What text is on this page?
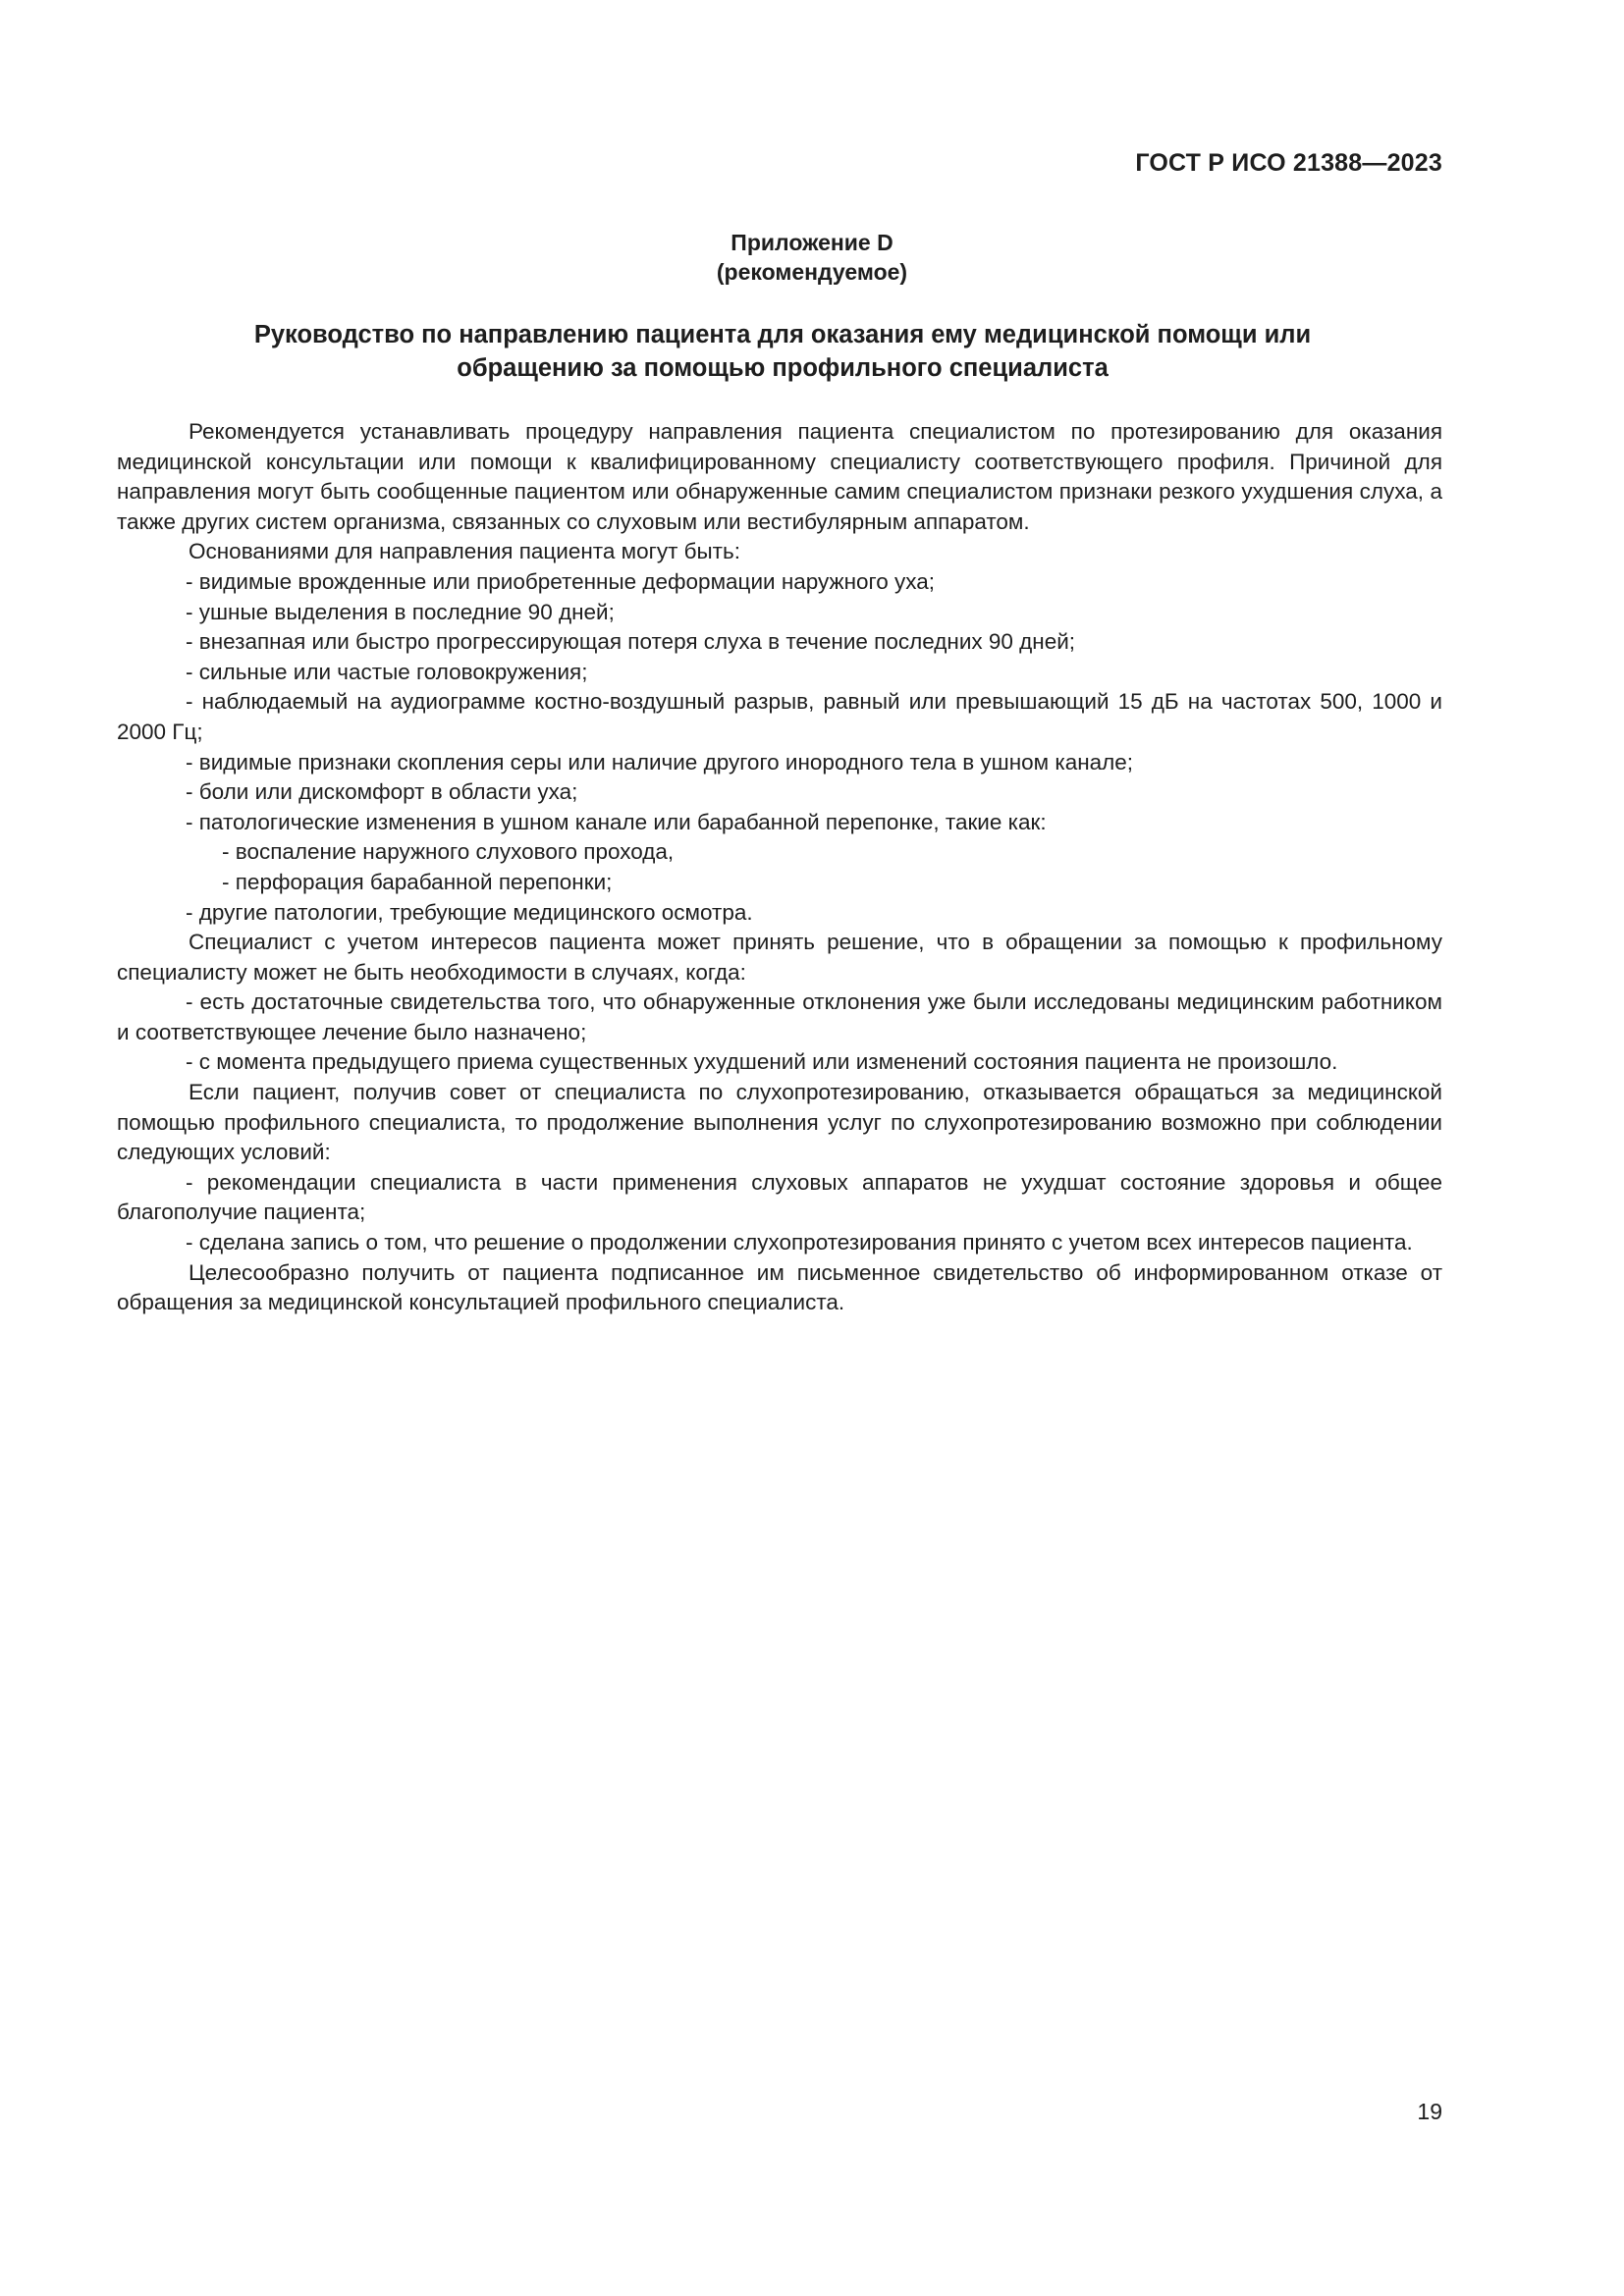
ГОСТ Р ИСО 21388—2023
Приложение D
(рекомендуемое)
Руководство по направлению пациента для оказания ему медицинской помощи или
обращению за помощью профильного специалиста

Рекомендуется устанавливать процедуру направления пациента специалистом по протезированию для оказания медицинской консультации или помощи к квалифицированному специалисту соответствующего профиля. Причиной для направления могут быть сообщенные пациентом или обнаруженные самим специалистом признаки резкого ухудшения слуха, а также других систем организма, связанных со слуховым или вестибулярным аппаратом.

Основаниями для направления пациента могут быть:

- видимые врожденные или приобретенные деформации наружного уха;

- ушные выделения в последние 90 дней;

- внезапная или быстро прогрессирующая потеря слуха в течение последних 90 дней;

- сильные или частые головокружения;

- наблюдаемый на аудиограмме костно-воздушный разрыв, равный или превышающий 15 дБ на частотах 500, 1000 и 2000 Гц;

- видимые признаки скопления серы или наличие другого инородного тела в ушном канале;

- боли или дискомфорт в области уха;

- патологические изменения в ушном канале или барабанной перепонке, такие как:

- воспаление наружного слухового прохода,

- перфорация барабанной перепонки;

- другие патологии, требующие медицинского осмотра.

Специалист с учетом интересов пациента может принять решение, что в обращении за помощью к профильному специалисту может не быть необходимости в случаях, когда:

- есть достаточные свидетельства того, что обнаруженные отклонения уже были исследованы медицинским работником и соответствующее лечение было назначено;

- с момента предыдущего приема существенных ухудшений или изменений состояния пациента не произошло.

Если пациент, получив совет от специалиста по слухопротезированию, отказывается обращаться за медицинской помощью профильного специалиста, то продолжение выполнения услуг по слухопротезированию возможно при соблюдении следующих условий:

- рекомендации специалиста в части применения слуховых аппаратов не ухудшат состояние здоровья и общее благополучие пациента;

- сделана запись о том, что решение о продолжении слухопротезирования принято с учетом всех интересов пациента.

Целесообразно получить от пациента подписанное им письменное свидетельство об информированном отказе от обращения за медицинской консультацией профильного специалиста.

19
